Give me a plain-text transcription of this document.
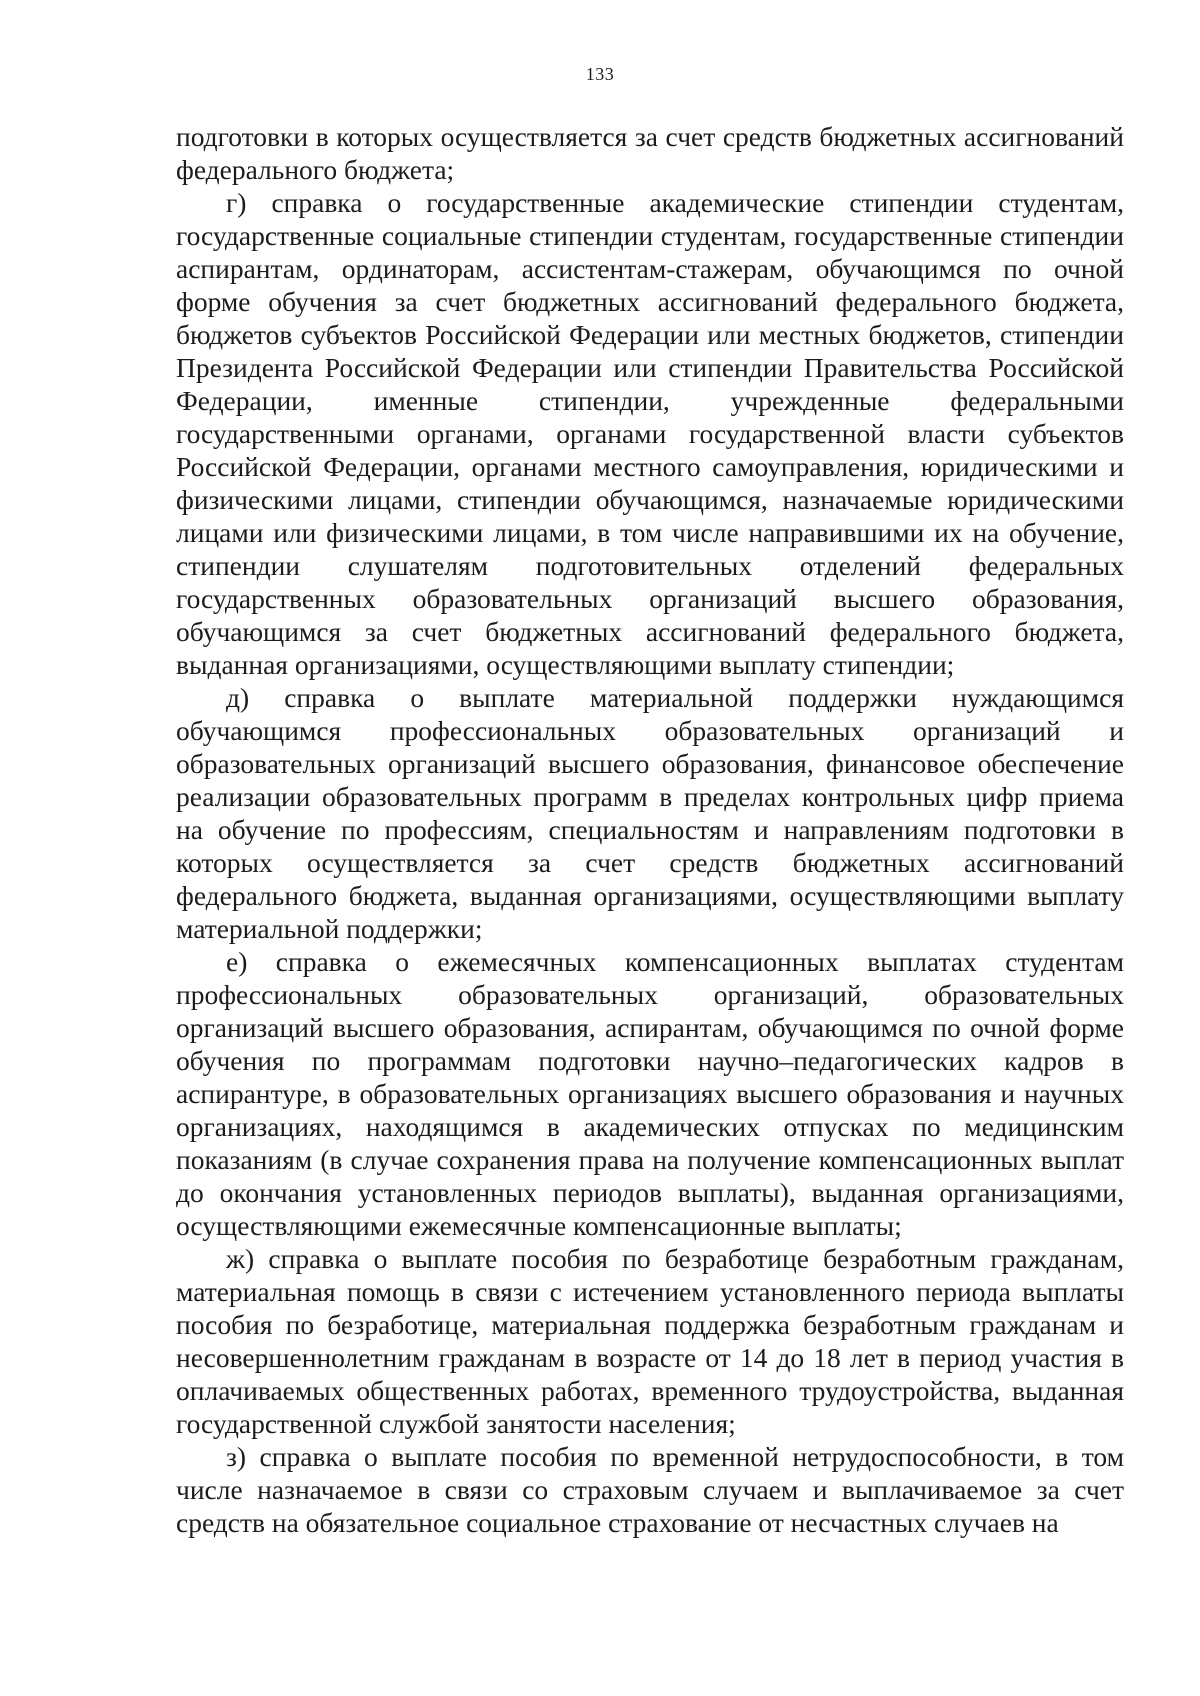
133

подготовки в которых осуществляется за счет средств бюджетных ассигнований федерального бюджета;

г) справка о государственные академические стипендии студентам, государственные социальные стипендии студентам, государственные стипендии аспирантам, ординаторам, ассистентам-стажерам, обучающимся по очной форме обучения за счет бюджетных ассигнований федерального бюджета, бюджетов субъектов Российской Федерации или местных бюджетов, стипендии Президента Российской Федерации или стипендии Правительства Российской Федерации, именные стипендии, учрежденные федеральными государственными органами, органами государственной власти субъектов Российской Федерации, органами местного самоуправления, юридическими и физическими лицами, стипендии обучающимся, назначаемые юридическими лицами или физическими лицами, в том числе направившими их на обучение, стипендии слушателям подготовительных отделений федеральных государственных образовательных организаций высшего образования, обучающимся за счет бюджетных ассигнований федерального бюджета, выданная организациями, осуществляющими выплату стипендии;

д) справка о выплате материальной поддержки нуждающимся обучающимся профессиональных образовательных организаций и образовательных организаций высшего образования, финансовое обеспечение реализации образовательных программ в пределах контрольных цифр приема на обучение по профессиям, специальностям и направлениям подготовки в которых осуществляется за счет средств бюджетных ассигнований федерального бюджета, выданная организациями, осуществляющими выплату материальной поддержки;

е) справка о ежемесячных компенсационных выплатах студентам профессиональных образовательных организаций, образовательных организаций высшего образования, аспирантам, обучающимся по очной форме обучения по программам подготовки научно–педагогических кадров в аспирантуре, в образовательных организациях высшего образования и научных организациях, находящимся в академических отпусках по медицинским показаниям (в случае сохранения права на получение компенсационных выплат до окончания установленных периодов выплаты), выданная организациями, осуществляющими ежемесячные компенсационные выплаты;

ж) справка о выплате пособия по безработице безработным гражданам, материальная помощь в связи с истечением установленного периода выплаты пособия по безработице, материальная поддержка безработным гражданам и несовершеннолетним гражданам в возрасте от 14 до 18 лет в период участия в оплачиваемых общественных работах, временного трудоустройства, выданная государственной службой занятости населения;

з) справка о выплате пособия по временной нетрудоспособности, в том числе назначаемое в связи со страховым случаем и выплачиваемое за счет средств на обязательное социальное страхование от несчастных случаев на
